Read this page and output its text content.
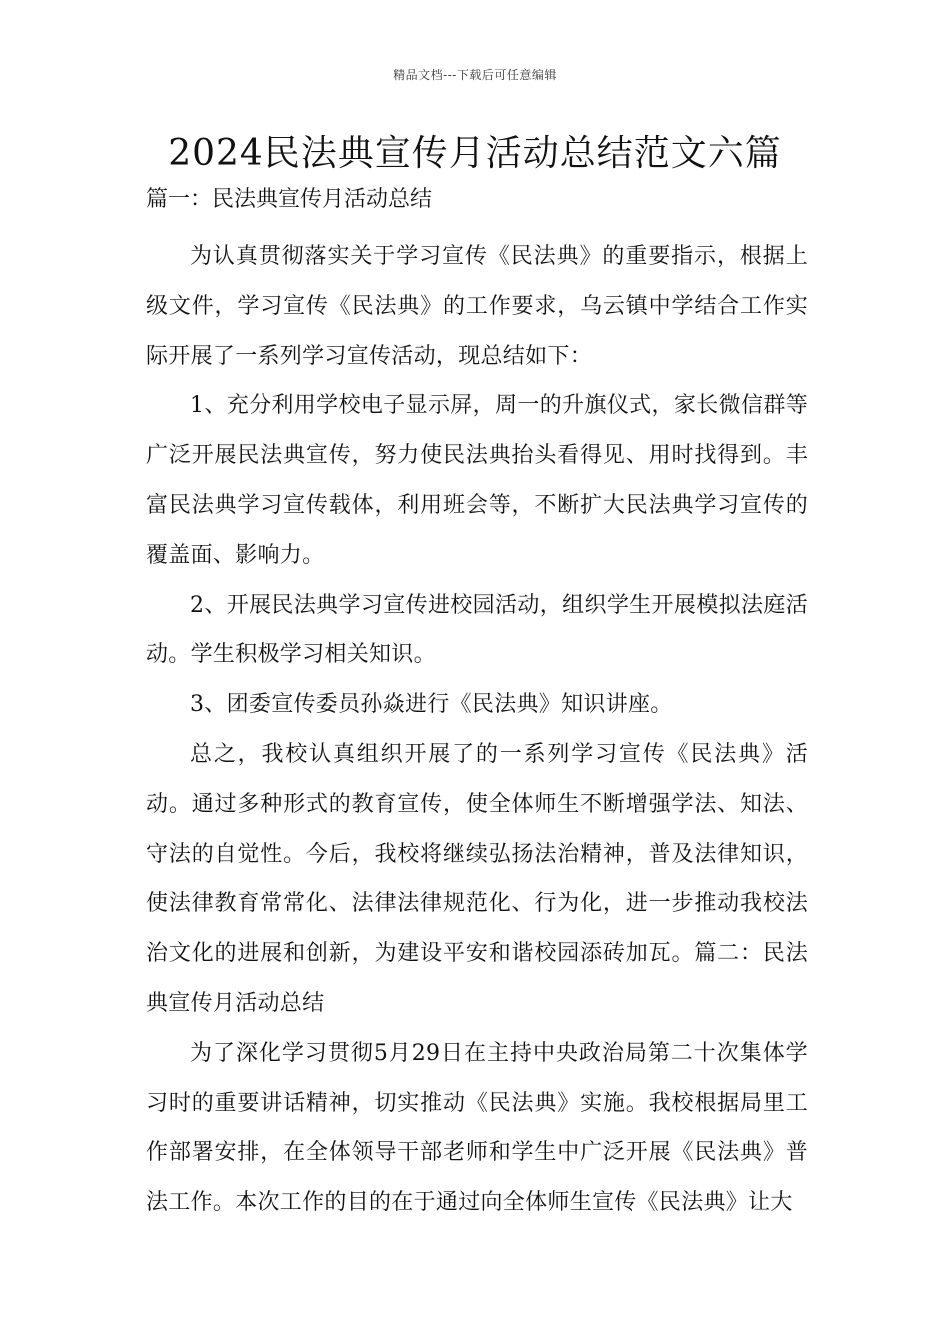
精品文档---下载后可任意编辑
2024民法典宣传月活动总结范文六篇
篇一：民法典宣传月活动总结

为认真贯彻落实关于学习宣传《民法典》的重要指示，根据上级文件，学习宣传《民法典》的工作要求，乌云镇中学结合工作实际开展了一系列学习宣传活动，现总结如下：

1、充分利用学校电子显示屏，周一的升旗仪式，家长微信群等广泛开展民法典宣传，努力使民法典抬头看得见、用时找得到。丰富民法典学习宣传载体，利用班会等，不断扩大民法典学习宣传的覆盖面、影响力。

2、开展民法典学习宣传进校园活动，组织学生开展模拟法庭活动。学生积极学习相关知识。

3、团委宣传委员孙焱进行《民法典》知识讲座。

总之，我校认真组织开展了的一系列学习宣传《民法典》活动。通过多种形式的教育宣传，使全体师生不断增强学法、知法、守法的自觉性。今后，我校将继续弘扬法治精神，普及法律知识，使法律教育常常化、法律法律规范化、行为化，进一步推动我校法治文化的进展和创新，为建设平安和谐校园添砖加瓦。篇二：民法典宣传月活动总结

为了深化学习贯彻5月29日在主持中央政治局第二十次集体学习时的重要讲话精神，切实推动《民法典》实施。我校根据局里工作部署安排，在全体领导干部老师和学生中广泛开展《民法典》普法工作。本次工作的目的在于通过向全体师生宣传《民法典》让大
